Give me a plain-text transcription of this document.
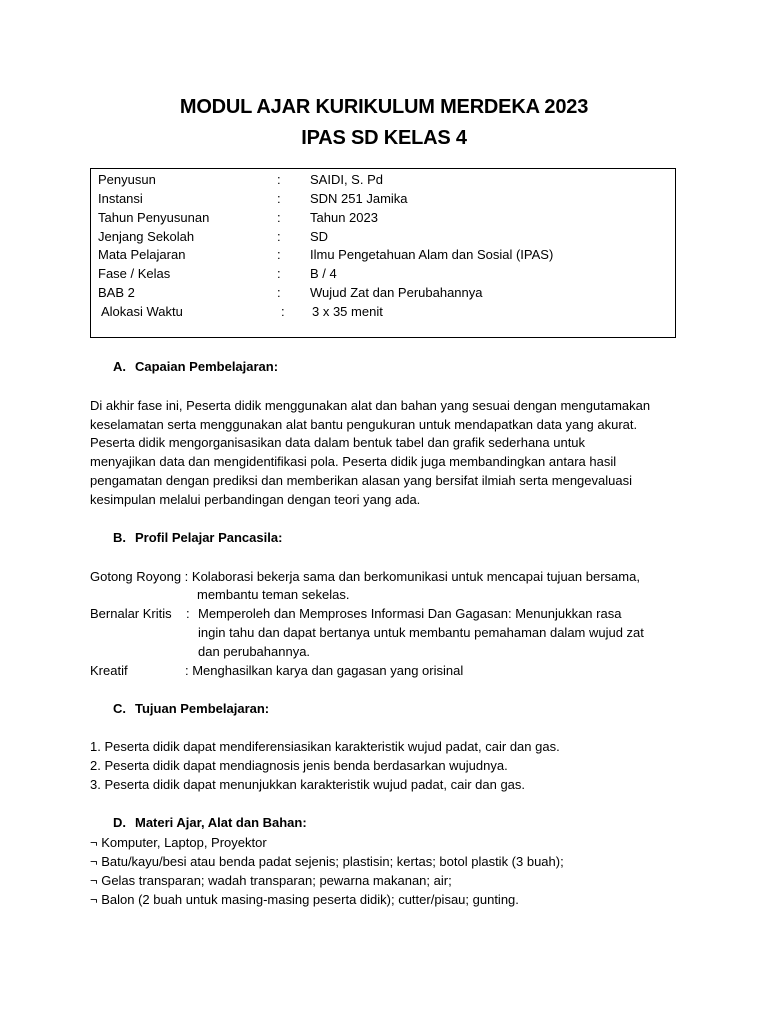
MODUL AJAR KURIKULUM MERDEKA 2023
IPAS SD KELAS 4
Penyusun	: SAIDI, S. Pd
Instansi	: SDN 251 Jamika
Tahun Penyusunan	: Tahun 2023
Jenjang Sekolah	: SD
Mata Pelajaran	: Ilmu Pengetahuan Alam dan Sosial (IPAS)
Fase / Kelas	: B / 4
BAB 2	: Wujud Zat dan Perubahannya
Alokasi Waktu	: 3 x 35 menit
A. Capaian Pembelajaran:
Di akhir fase ini, Peserta didik menggunakan alat dan bahan yang sesuai dengan mengutamakan
keselamatan serta menggunakan alat bantu pengukuran untuk mendapatkan data yang akurat.
Peserta didik mengorganisasikan data dalam bentuk tabel dan grafik sederhana untuk
menyajikan data dan mengidentifikasi pola. Peserta didik juga membandingkan antara hasil
pengamatan dengan prediksi dan memberikan alasan yang bersifat ilmiah serta mengevaluasi
kesimpulan melalui perbandingan dengan teori yang ada.
B. Profil Pelajar Pancasila:
Gotong Royong : Kolaborasi bekerja sama dan berkomunikasi untuk mencapai tujuan bersama,
membantu teman sekelas.
Bernalar Kritis : Memperoleh dan Memproses Informasi Dan Gagasan: Menunjukkan rasa
ingin tahu dan dapat bertanya untuk membantu pemahaman dalam wujud zat
dan perubahannya.
Kreatif	: Menghasilkan karya dan gagasan yang orisinal
C. Tujuan Pembelajaran:
1. Peserta didik dapat mendiferensiasikan karakteristik wujud padat, cair dan gas.
2. Peserta didik dapat mendiagnosis jenis benda berdasarkan wujudnya.
3. Peserta didik dapat menunjukkan karakteristik wujud padat, cair dan gas.
D. Materi Ajar, Alat dan Bahan:
¬ Komputer, Laptop, Proyektor
¬ Batu/kayu/besi atau benda padat sejenis; plastisin; kertas; botol plastik (3 buah);
¬ Gelas transparan; wadah transparan; pewarna makanan; air;
¬ Balon (2 buah untuk masing-masing peserta didik); cutter/pisau; gunting.
